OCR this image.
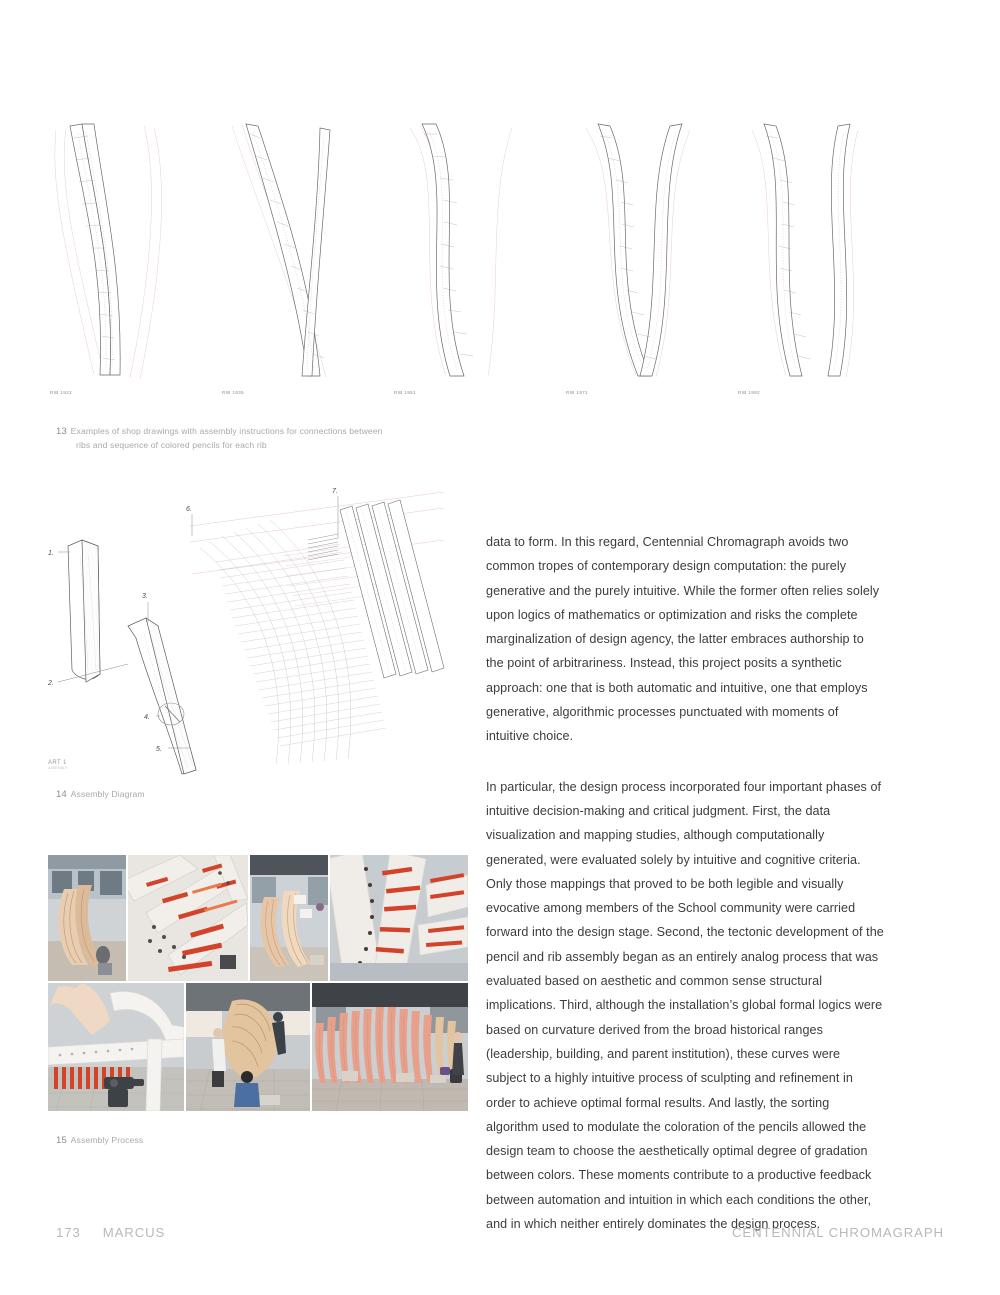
RIB 1922	RIB 1935	RIB 1951	RIB 1971	RIB 1992
13 Examples of shop drawings with assembly instructions for connections between
ribs and sequence of colored pencils for each rib
1.
2.
3.
4.
5.
6.
7.
ART 1
ASSEMBLY
14 Assembly Diagram
15 Assembly Process

data to form. In this regard, Centennial Chromagraph avoids two common tropes of contemporary design computation: the purely generative and the purely intuitive. While the former often relies solely upon logics of mathematics or optimization and risks the complete marginalization of design agency, the latter embraces authorship to the point of arbitrariness. Instead, this project posits a synthetic approach: one that is both automatic and intuitive, one that employs generative, algorithmic processes punctuated with moments of intuitive choice.

In particular, the design process incorporated four important phases of intuitive decision-making and critical judgment. First, the data visualization and mapping studies, although computationally generated, were evaluated solely by intuitive and cognitive criteria. Only those mappings that proved to be both legible and visually evocative among members of the School community were carried forward into the design stage. Second, the tectonic development of the pencil and rib assembly began as an entirely analog process that was evaluated based on aesthetic and common sense structural implications. Third, although the installation’s global formal logics were based on curvature derived from the broad historical ranges (leadership, building, and parent institution), these curves were subject to a highly intuitive process of sculpting and refinement in order to achieve optimal formal results. And lastly, the sorting algorithm used to modulate the coloration of the pencils allowed the design team to choose the aesthetically optimal degree of gradation between colors. These moments contribute to a productive feedback between automation and intuition in which each conditions the other, and in which neither entirely dominates the design process.

173 MARCUS	CENTENNIAL CHROMAGRAPH
